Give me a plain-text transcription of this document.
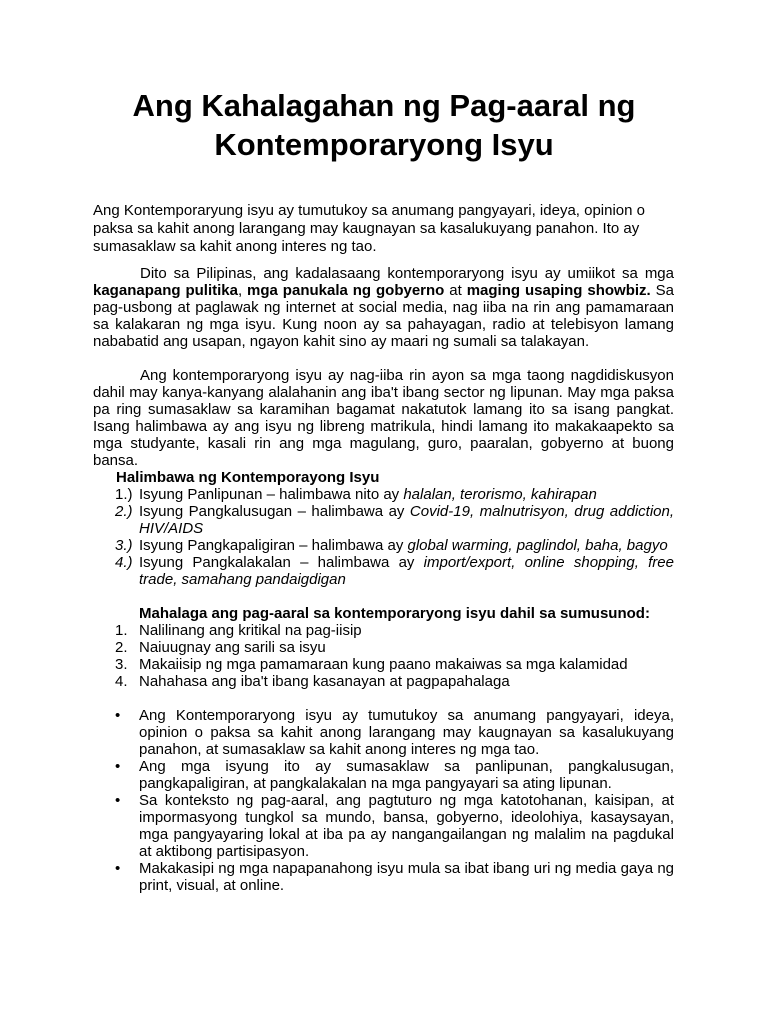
Ang Kahalagahan ng Pag-aaral ng
Kontemporaryong Isyu

Ang Kontemporaryung isyu ay tumutukoy sa anumang pangyayari, ideya, opinion o paksa sa kahit anong larangang may kaugnayan sa kasalukuyang panahon. Ito ay sumasaklaw sa kahit anong interes ng tao.

Dito sa Pilipinas, ang kadalasaang kontemporaryong isyu ay umiikot sa mga kaganapang pulitika, mga panukala ng gobyerno at maging usaping showbiz. Sa pag-usbong at paglawak ng internet at social media, nag iiba na rin ang pamamaraan sa kalakaran ng mga isyu. Kung noon ay sa pahayagan, radio at telebisyon lamang nababatid ang usapan, ngayon kahit sino ay maari ng sumali sa talakayan.

Ang kontemporaryong isyu ay nag-iiba rin ayon sa mga taong nagdidiskusyon dahil may kanya-kanyang alalahanin ang iba't ibang sector ng lipunan. May mga paksa pa ring sumasaklaw sa karamihan bagamat nakatutok lamang ito sa isang pangkat. Isang halimbawa ay ang isyu ng libreng matrikula, hindi lamang ito makakaapekto sa mga studyante, kasali rin ang mga magulang, guro, paaralan, gobyerno at buong bansa.

Halimbawa ng Kontemporayong Isyu

1.) Isyung Panlipunan – halimbawa nito ay halalan, terorismo, kahirapan
2.) Isyung Pangkalusugan – halimbawa ay Covid-19, malnutrisyon, drug addiction, HIV/AIDS
3.) Isyung Pangkapaligiran – halimbawa ay global warming, paglindol, baha, bagyo
4.) Isyung Pangkalakalan – halimbawa ay import/export, online shopping, free trade, samahang pandaigdigan

Mahalaga ang pag-aaral sa kontemporaryong isyu dahil sa sumusunod:

1. Nalilinang ang kritikal na pag-iisip
2. Naiuugnay ang sarili sa isyu
3. Makaiisip ng mga pamamaraan kung paano makaiwas sa mga kalamidad
4. Nahahasa ang iba't ibang kasanayan at pagpapahalaga
• Ang Kontemporaryong isyu ay tumutukoy sa anumang pangyayari, ideya, opinion o paksa sa kahit anong larangang may kaugnayan sa kasalukuyang panahon, at sumasaklaw sa kahit anong interes ng mga tao.
• Ang mga isyung ito ay sumasaklaw sa panlipunan, pangkalusugan, pangkapaligiran, at pangkalakalan na mga pangyayari sa ating lipunan.
• Sa konteksto ng pag-aaral, ang pagtuturo ng mga katotohanan, kaisipan, at impormasyong tungkol sa mundo, bansa, gobyerno, ideolohiya, kasaysayan, mga pangyayaring lokal at iba pa ay nangangailangan ng malalim na pagdukal at aktibong partisipasyon.
• Makakasipi ng mga napapanahong isyu mula sa ibat ibang uri ng media gaya ng print, visual, at online.
